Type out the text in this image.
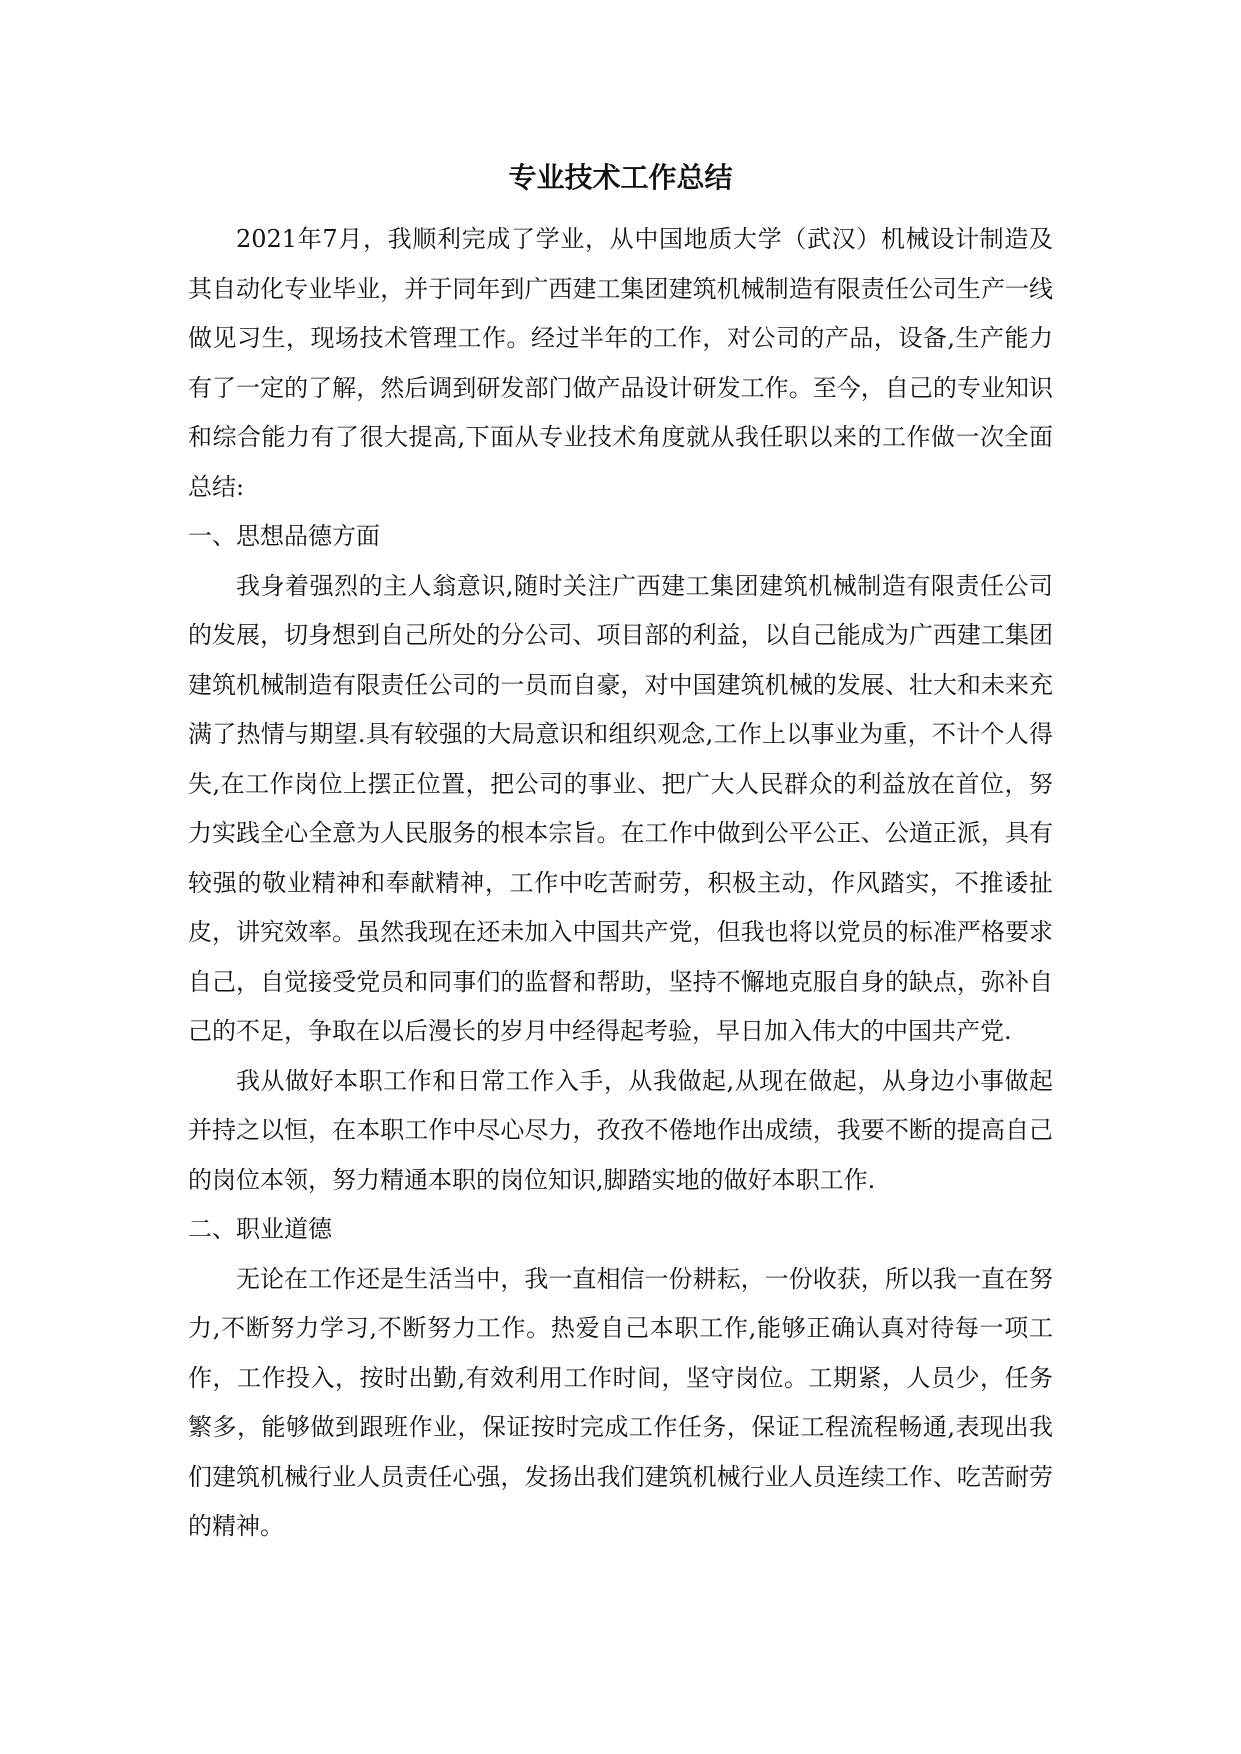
专业技术工作总结

2021年7月，我顺利完成了学业，从中国地质大学（武汉）机械设计制造及其自动化专业毕业，并于同年到广西建工集团建筑机械制造有限责任公司生产一线做见习生，现场技术管理工作。经过半年的工作，对公司的产品，设备,生产能力有了一定的了解，然后调到研发部门做产品设计研发工作。至今，自己的专业知识和综合能力有了很大提高,下面从专业技术角度就从我任职以来的工作做一次全面总结:

一、思想品德方面

我身着强烈的主人翁意识,随时关注广西建工集团建筑机械制造有限责任公司的发展，切身想到自己所处的分公司、项目部的利益，以自己能成为广西建工集团建筑机械制造有限责任公司的一员而自豪，对中国建筑机械的发展、壮大和未来充满了热情与期望.具有较强的大局意识和组织观念,工作上以事业为重，不计个人得失,在工作岗位上摆正位置，把公司的事业、把广大人民群众的利益放在首位，努力实践全心全意为人民服务的根本宗旨。在工作中做到公平公正、公道正派，具有较强的敬业精神和奉献精神，工作中吃苦耐劳，积极主动，作风踏实，不推诿扯皮，讲究效率。虽然我现在还未加入中国共产党，但我也将以党员的标准严格要求自己，自觉接受党员和同事们的监督和帮助，坚持不懈地克服自身的缺点，弥补自己的不足，争取在以后漫长的岁月中经得起考验，早日加入伟大的中国共产党.

我从做好本职工作和日常工作入手，从我做起,从现在做起，从身边小事做起并持之以恒，在本职工作中尽心尽力，孜孜不倦地作出成绩，我要不断的提高自己的岗位本领，努力精通本职的岗位知识,脚踏实地的做好本职工作.

二、职业道德

无论在工作还是生活当中，我一直相信一份耕耘，一份收获，所以我一直在努力,不断努力学习,不断努力工作。热爱自己本职工作,能够正确认真对待每一项工作，工作投入，按时出勤,有效利用工作时间，坚守岗位。工期紧，人员少，任务繁多，能够做到跟班作业，保证按时完成工作任务，保证工程流程畅通,表现出我们建筑机械行业人员责任心强，发扬出我们建筑机械行业人员连续工作、吃苦耐劳的精神。
